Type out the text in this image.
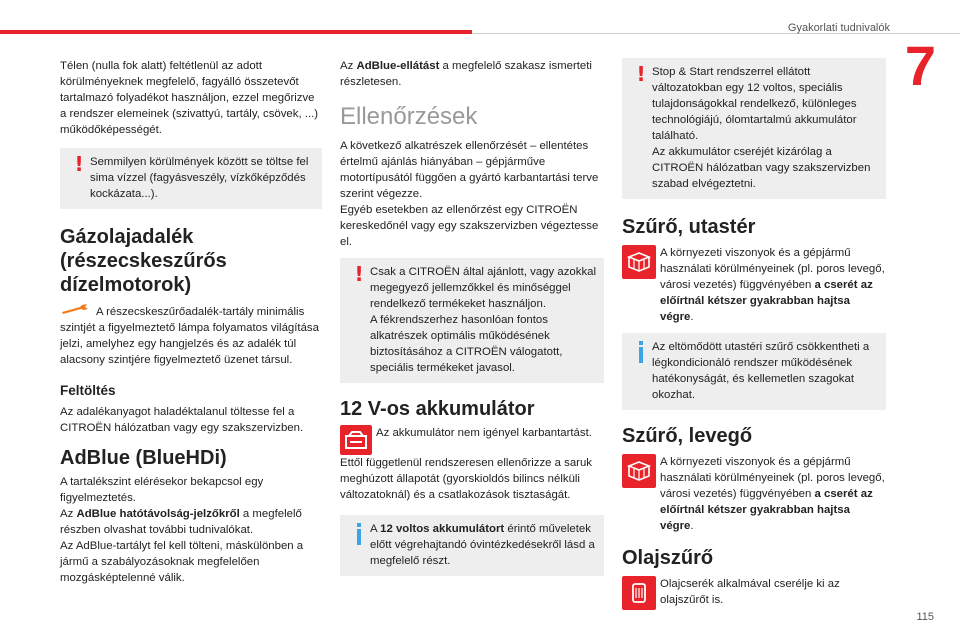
Gyakorlati tudnivalók
7
115

Télen (nulla fok alatt) feltétlenül az adott körülményeknek megfelelő, fagyálló összetevőt tartalmazó folyadékot használjon, ezzel megőrizve a rendszer elemeinek (szivattyú, tartály, csövek, ...) működőképességét.

! Semmilyen körülmények között se töltse fel sima vízzel (fagyásveszély, vízkőképződés kockázata...).

Gázolajadalék
(részecskeszűrős
dízelmotorok)

A részecskeszűrőadalék-tartály minimális szintjét a figyelmeztető lámpa folyamatos világítása jelzi, amelyhez egy hangjelzés és az adalék túl alacsony szintjére figyelmeztető üzenet társul.

Feltöltés

Az adalékanyagot haladéktalanul töltesse fel a CITROËN hálózatban vagy egy szakszervizben.

AdBlue (BlueHDi)

A tartalékszint elérésekor bekapcsol egy figyelmeztetés.

Az AdBlue hatótávolság-jelzőkről a megfelelő részben olvashat további tudnivalókat.

Az AdBlue-tartályt fel kell tölteni, máskülönben a jármű a szabályozásoknak megfelelően mozgásképtelenné válik.

Az AdBlue-ellátást a megfelelő szakasz ismerteti részletesen.

Ellenőrzések

A következő alkatrészek ellenőrzését – ellentétes értelmű ajánlás hiányában – gépjárműve motortípusától függően a gyártó karbantartási terve szerint végezze.

Egyéb esetekben az ellenőrzést egy CITROËN kereskedőnél vagy egy szakszervizben végeztesse el.

! Csak a CITROËN által ajánlott, vagy azokkal megegyező jellemzőkkel és minőséggel rendelkező termékeket használjon.

A fékrendszerhez hasonlóan fontos alkatrészek optimális működésének biztosításához a CITROËN válogatott, speciális termékeket javasol.

12 V-os akkumulátor

Az akkumulátor nem igényel karbantartást.

Ettől függetlenül rendszeresen ellenőrizze a saruk meghúzott állapotát (gyorskioldós bilincs nélküli változatoknál) és a csatlakozások tisztaságát.

A 12 voltos akkumulátort érintő műveletek előtt végrehajtandó óvintézkedésekről lásd a megfelelő részt.

! Stop & Start rendszerrel ellátott változatokban egy 12 voltos, speciális tulajdonságokkal rendelkező, különleges technológiájú, ólomtartalmú akkumulátor található.

Az akkumulátor cseréjét kizárólag a CITROËN hálózatban vagy szakszervizben szabad elvégeztetni.

Szűrő, utastér

A környezeti viszonyok és a gépjármű használati körülményeinek (pl. poros levegő, városi vezetés) függvényében a cserét az előírtnál kétszer gyakrabban hajtsa végre.

Az eltömődött utastéri szűrő csökkentheti a légkondicionáló rendszer működésének hatékonyságát, és kellemetlen szagokat okozhat.

Szűrő, levegő

A környezeti viszonyok és a gépjármű használati körülményeinek (pl. poros levegő, városi vezetés) függvényében a cserét az előírtnál kétszer gyakrabban hajtsa végre.

Olajszűrő

Olajcserék alkalmával cserélje ki az olajszűrőt is.
